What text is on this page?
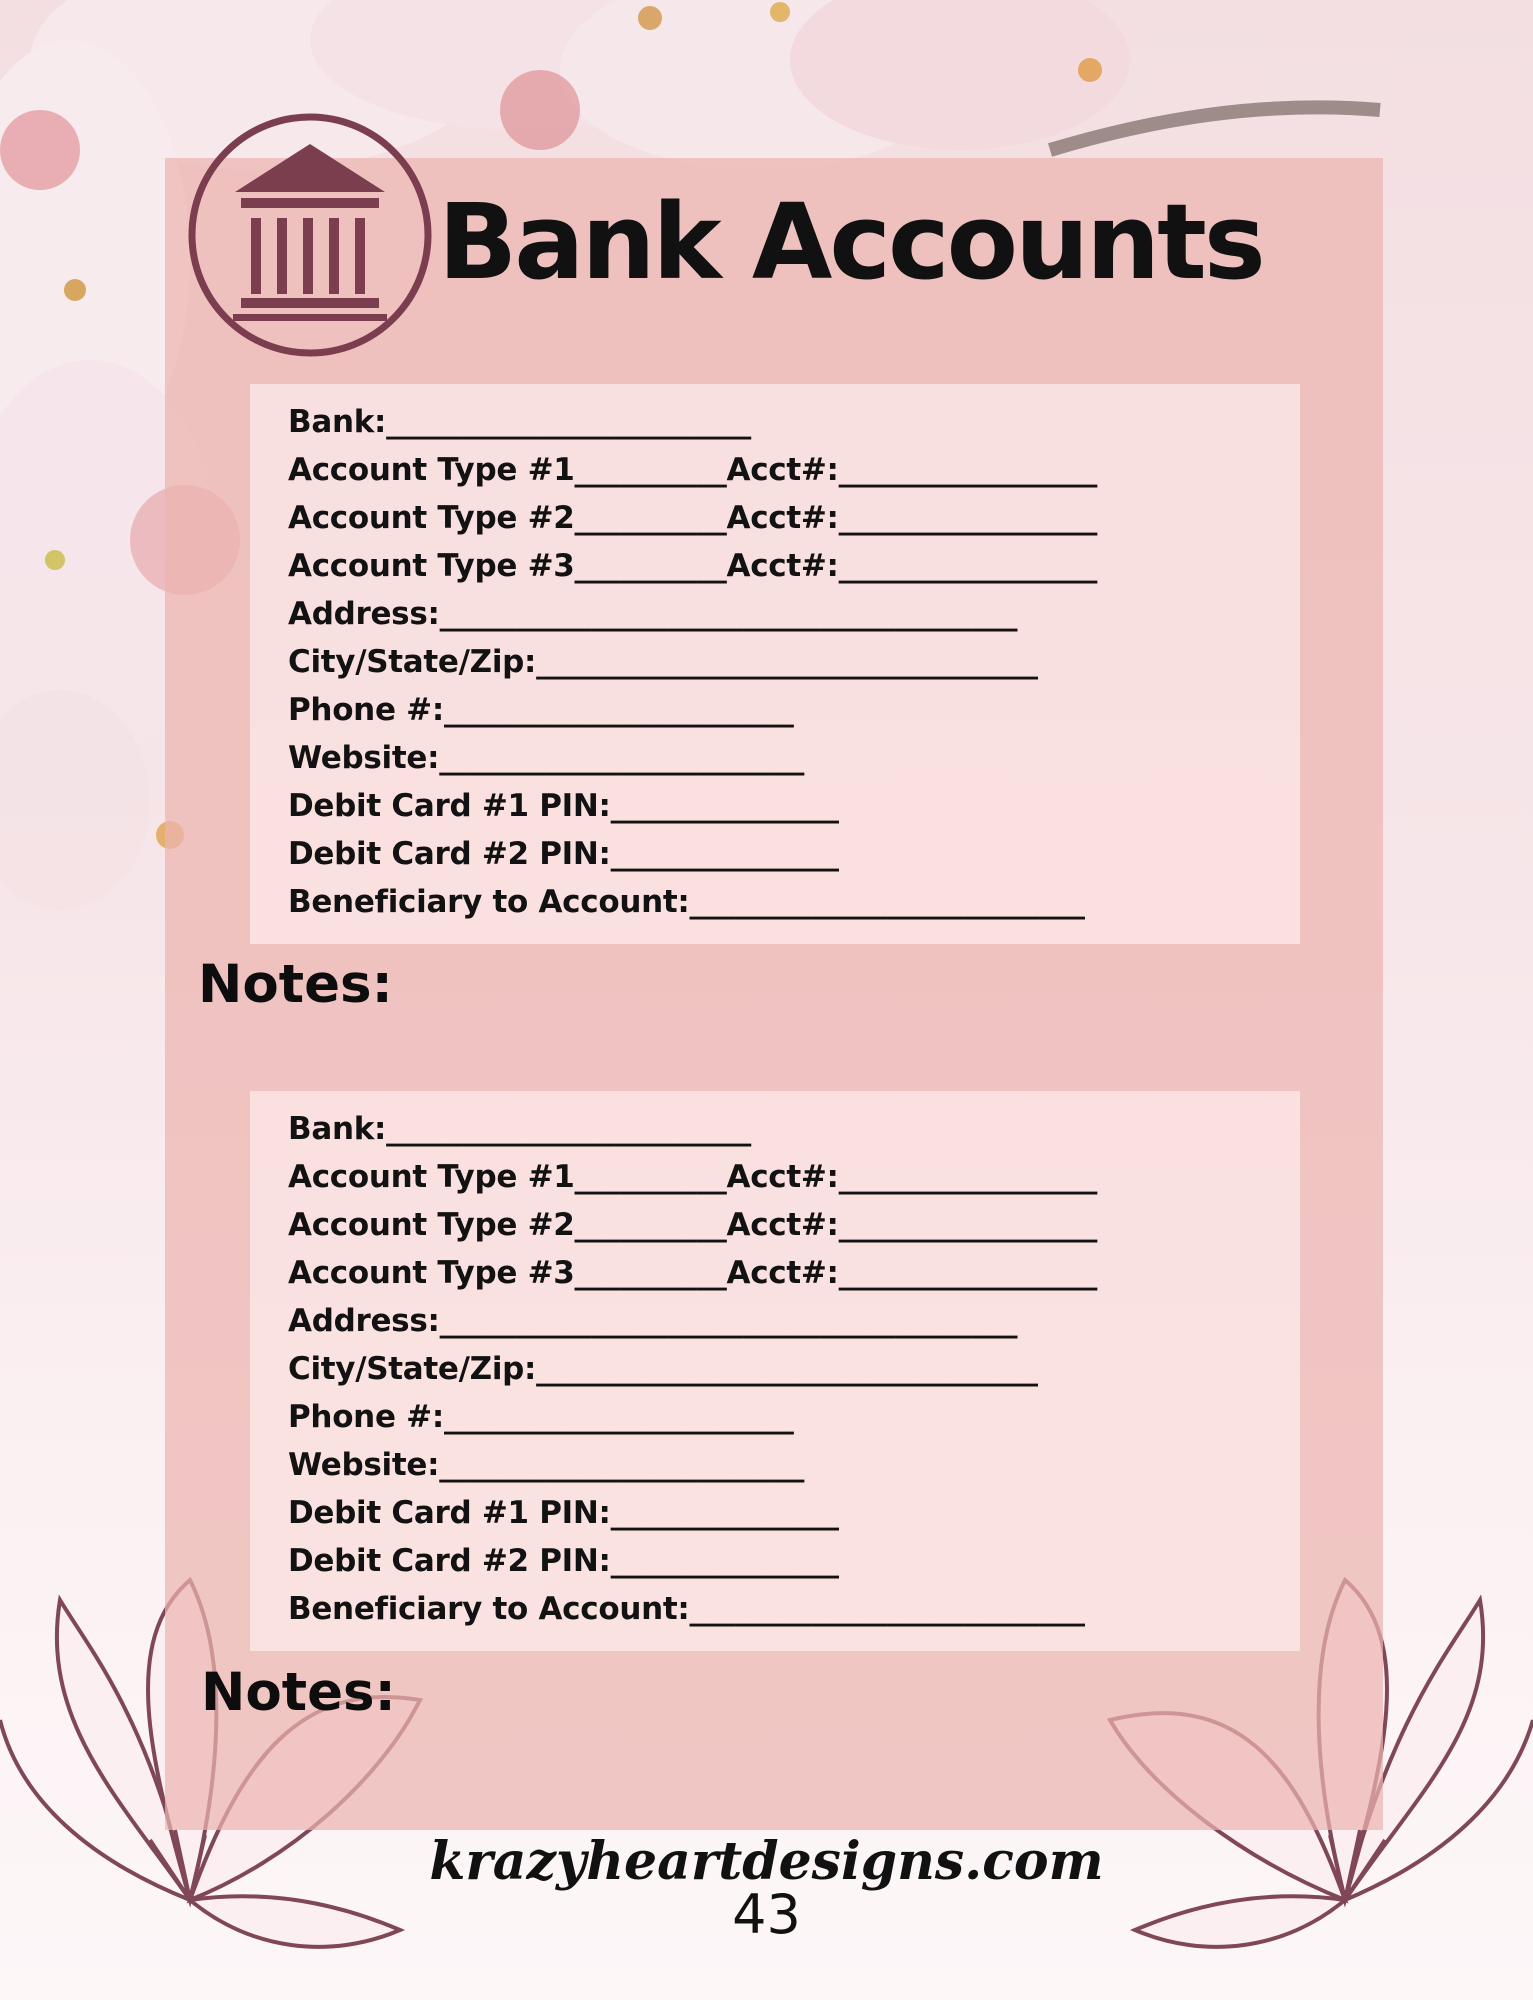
Bank Accounts
Bank:________________________
Account Type #1__________Acct#:_________________
Account Type #2__________Acct#:_________________
Account Type #3__________Acct#:_________________
Address:______________________________________
City/State/Zip:_________________________________
Phone #:_______________________
Website:________________________
Debit Card #1 PIN:_______________
Debit Card #2 PIN:_______________
Beneficiary to Account:__________________________
Notes:
Bank:________________________
Account Type #1__________Acct#:_________________
Account Type #2__________Acct#:_________________
Account Type #3__________Acct#:_________________
Address:______________________________________
City/State/Zip:_________________________________
Phone #:_______________________
Website:________________________
Debit Card #1 PIN:_______________
Debit Card #2 PIN:_______________
Beneficiary to Account:__________________________
Notes:
krazyheartdesigns.com
43
